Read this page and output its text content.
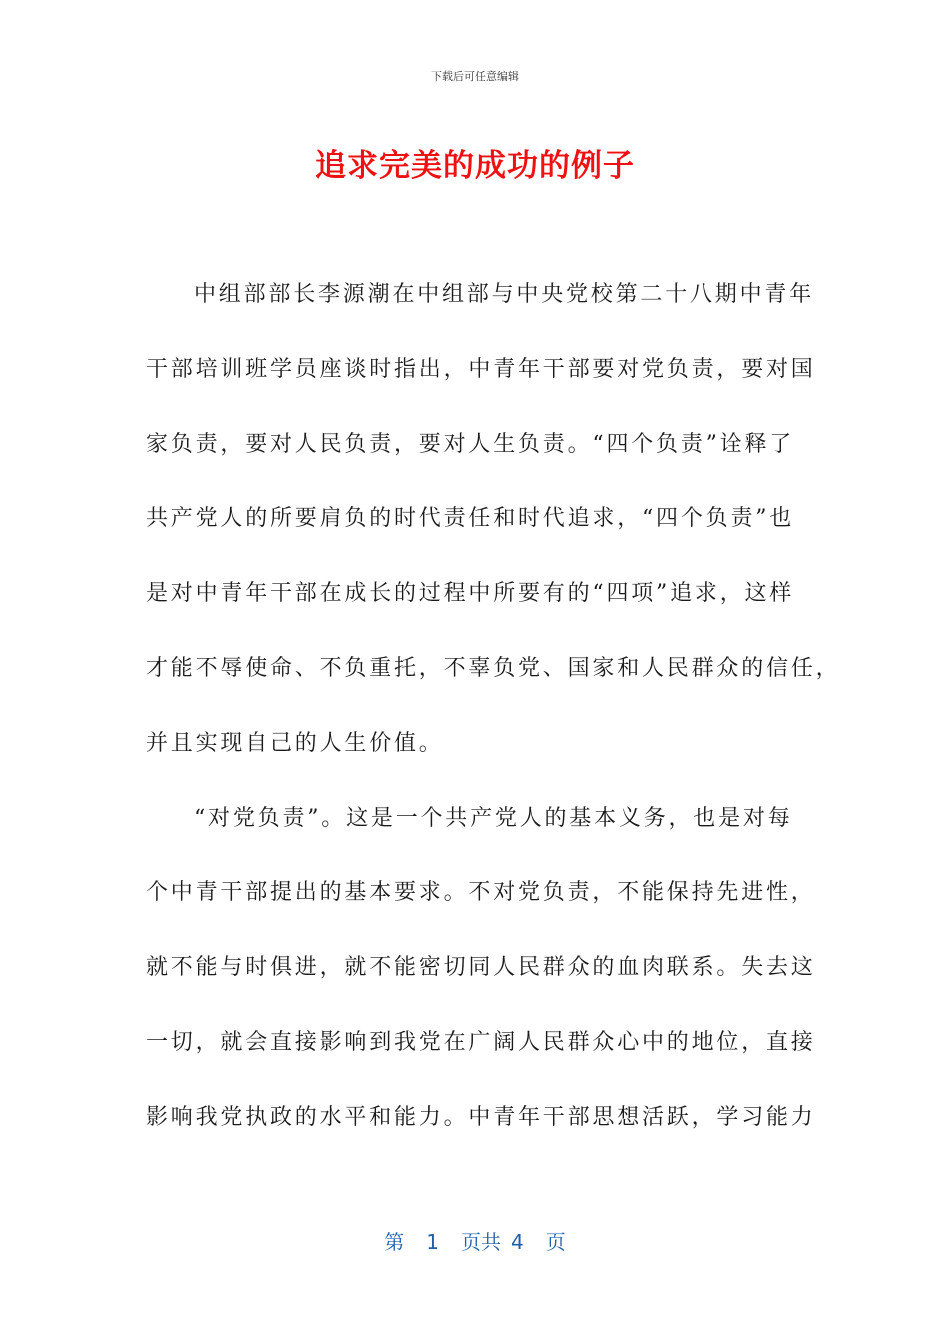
下载后可任意编辑
追求完美的成功的例子
中组部部长李源潮在中组部与中央党校第二十八期中青年
干部培训班学员座谈时指出，中青年干部要对党负责，要对国
家负责，要对人民负责，要对人生负责。“四个负责”诠释了
共产党人的所要肩负的时代责任和时代追求，“四个负责”也
是对中青年干部在成长的过程中所要有的“四项”追求，这样
才能不辱使命、不负重托，不辜负党、国家和人民群众的信任，
并且实现自己的人生价值。
“对党负责”。这是一个共产党人的基本义务，也是对每
个中青干部提出的基本要求。不对党负责，不能保持先进性，
就不能与时俱进，就不能密切同人民群众的血肉联系。失去这
一切，就会直接影响到我党在广阔人民群众心中的地位，直接
影响我党执政的水平和能力。中青年干部思想活跃，学习能力
第 1 页共 4 页
